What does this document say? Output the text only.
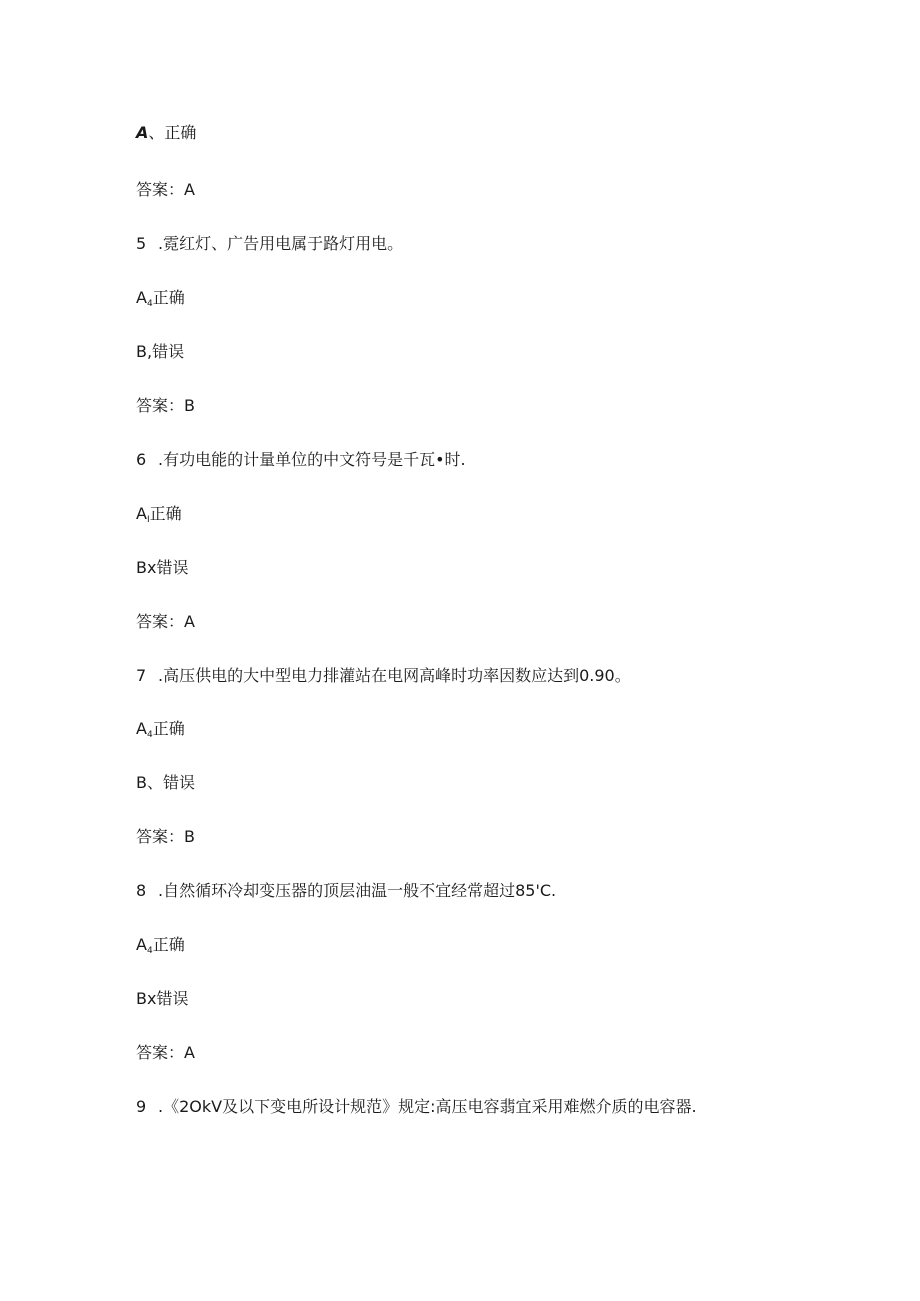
A、正确
答案：A
5 .霓红灯、广告用电属于路灯用电。
$A_4$正确
B,错误
答案：B
6 .有功电能的计量单位的中文符号是千瓦•时.
$A_I$正确
Bx错误
答案：A
7 .高压供电的大中型电力排灌站在电网高峰时功率因数应达到0.90。
$A_4$正确
B、错误
答案：B
8 .自然循环冷却变压器的顶层油温一般不宜经常超过85'C.
$A_4$正确
Bx错误
答案：A
9 .《2OkV及以下变电所设计规范》规定:高压电容翡宜采用难燃介质的电容器.
